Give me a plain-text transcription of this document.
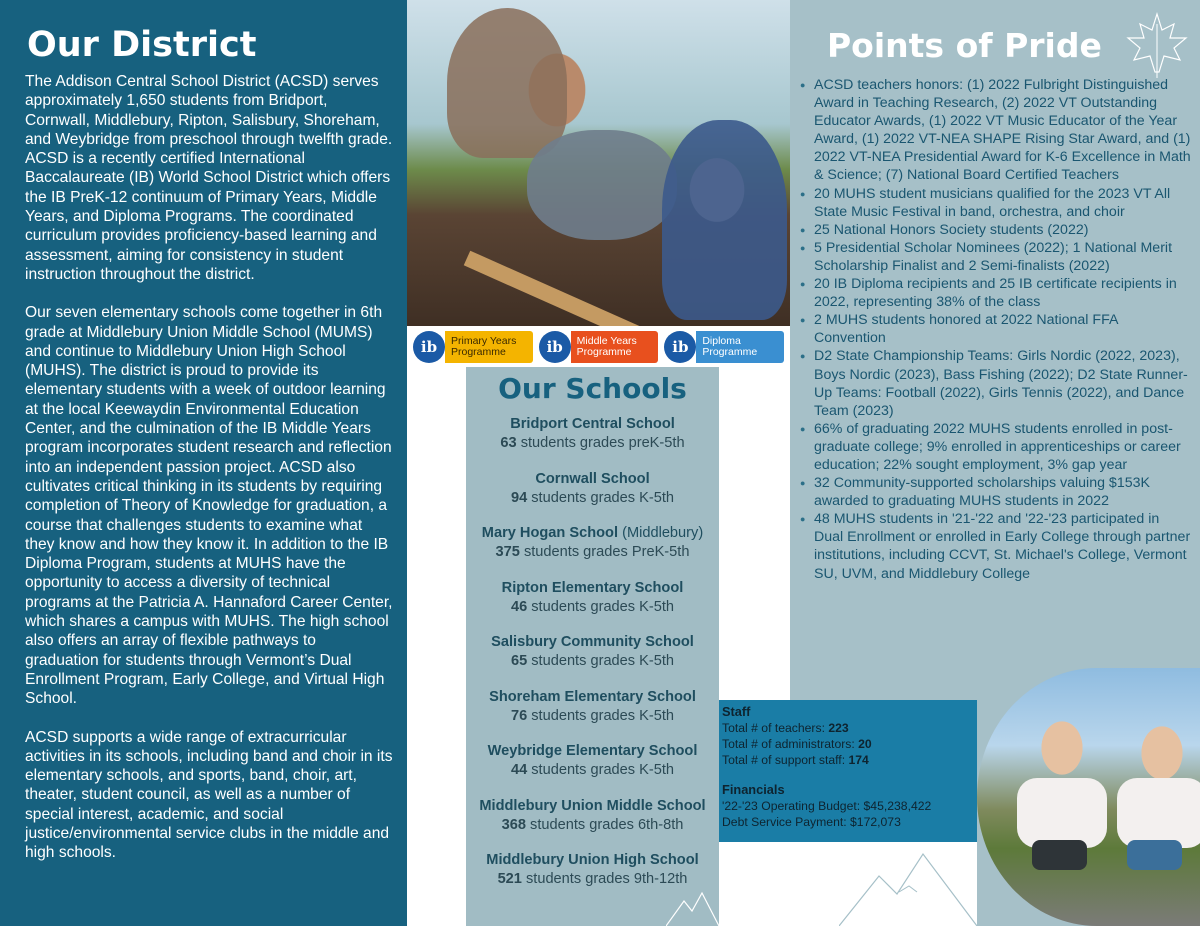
Our District

The Addison Central School District (ACSD) serves approximately 1,650 students from Bridport, Cornwall, Middlebury, Ripton, Salisbury, Shoreham, and Weybridge from preschool through twelfth grade. ACSD is a recently certified International Baccalaureate (IB) World School District which offers the IB PreK-12 continuum of Primary Years, Middle Years, and Diploma Programs. The coordinated curriculum provides proficiency-based learning and assessment, aiming for consistency in student instruction throughout the district.

Our seven elementary schools come together in 6th grade at Middlebury Union Middle School (MUMS) and continue to Middlebury Union High School (MUHS). The district is proud to provide its elementary students with a week of outdoor learning at the local Keewaydin Environmental Education Center, and the culmination of the IB Middle Years program incorporates student research and reflection into an independent passion project. ACSD also cultivates critical thinking in its students by requiring completion of Theory of Knowledge for graduation, a course that challenges students to examine what they know and how they know it. In addition to the IB Diploma Program, students at MUHS have the opportunity to access a diversity of technical programs at the Patricia A. Hannaford Career Center, which shares a campus with MUHS. The high school also offers an array of flexible pathways to graduation for students through Vermont’s Dual Enrollment Program, Early College, and Virtual High School.

ACSD supports a wide range of extracurricular activities in its schools, including band and choir in its elementary schools, and sports, band, choir, art, theater, student council, as well as a number of special interest, academic, and social justice/environmental service clubs in the middle and high schools.

ib	Primary Years
Programme	ib	Middle Years
Programme	ib	Diploma
Programme
Our Schools
Bridport Central School
63 students grades preK-5th
Cornwall School
94 students grades K-5th
Mary Hogan School (Middlebury)
375 students grades PreK-5th
Ripton Elementary School
46 students grades K-5th
Salisbury Community School
65 students grades K-5th
Shoreham Elementary School
76 students grades K-5th
Weybridge Elementary School
44 students grades K-5th
Middlebury Union Middle School
368 students grades 6th-8th
Middlebury Union High School
521 students grades 9th-12th
Points of Pride
● ACSD teachers honors: (1) 2022 Fulbright Distinguished Award in Teaching Research, (2) 2022 VT Outstanding Educator Awards, (1) 2022 VT Music Educator of the Year Award, (1) 2022 VT-NEA SHAPE Rising Star Award, and (1) 2022 VT-NEA Presidential Award for K-6 Excellence in Math & Science; (7) National Board Certified Teachers
● 20 MUHS student musicians qualified for the 2023 VT All State Music Festival in band, orchestra, and choir
● 25 National Honors Society students (2022)
● 5 Presidential Scholar Nominees (2022); 1 National Merit Scholarship Finalist and 2 Semi-finalists (2022)
● 20 IB Diploma recipients and 25 IB certificate recipients in 2022, representing 38% of the class
● 2 MUHS students honored at 2022 National FFA Convention
● D2 State Championship Teams: Girls Nordic (2022, 2023), Boys Nordic (2023), Bass Fishing (2022); D2 State Runner-Up Teams: Football (2022), Girls Tennis (2022), and Dance Team (2023)
● 66% of graduating 2022 MUHS students enrolled in post-graduate college; 9% enrolled in apprenticeships or career education; 22% sought employment, 3% gap year
● 32 Community-supported scholarships valuing $153K awarded to graduating MUHS students in 2022
● 48 MUHS students in '21-'22 and '22-'23 participated in Dual Enrollment or enrolled in Early College through partner institutions, including CCVT, St. Michael's College, Vermont SU, UVM, and Middlebury College
Staff
Total # of teachers: 223
Total # of administrators: 20
Total # of support staff: 174
Financials
'22-'23 Operating Budget: $45,238,422
Debt Service Payment: $172,073
